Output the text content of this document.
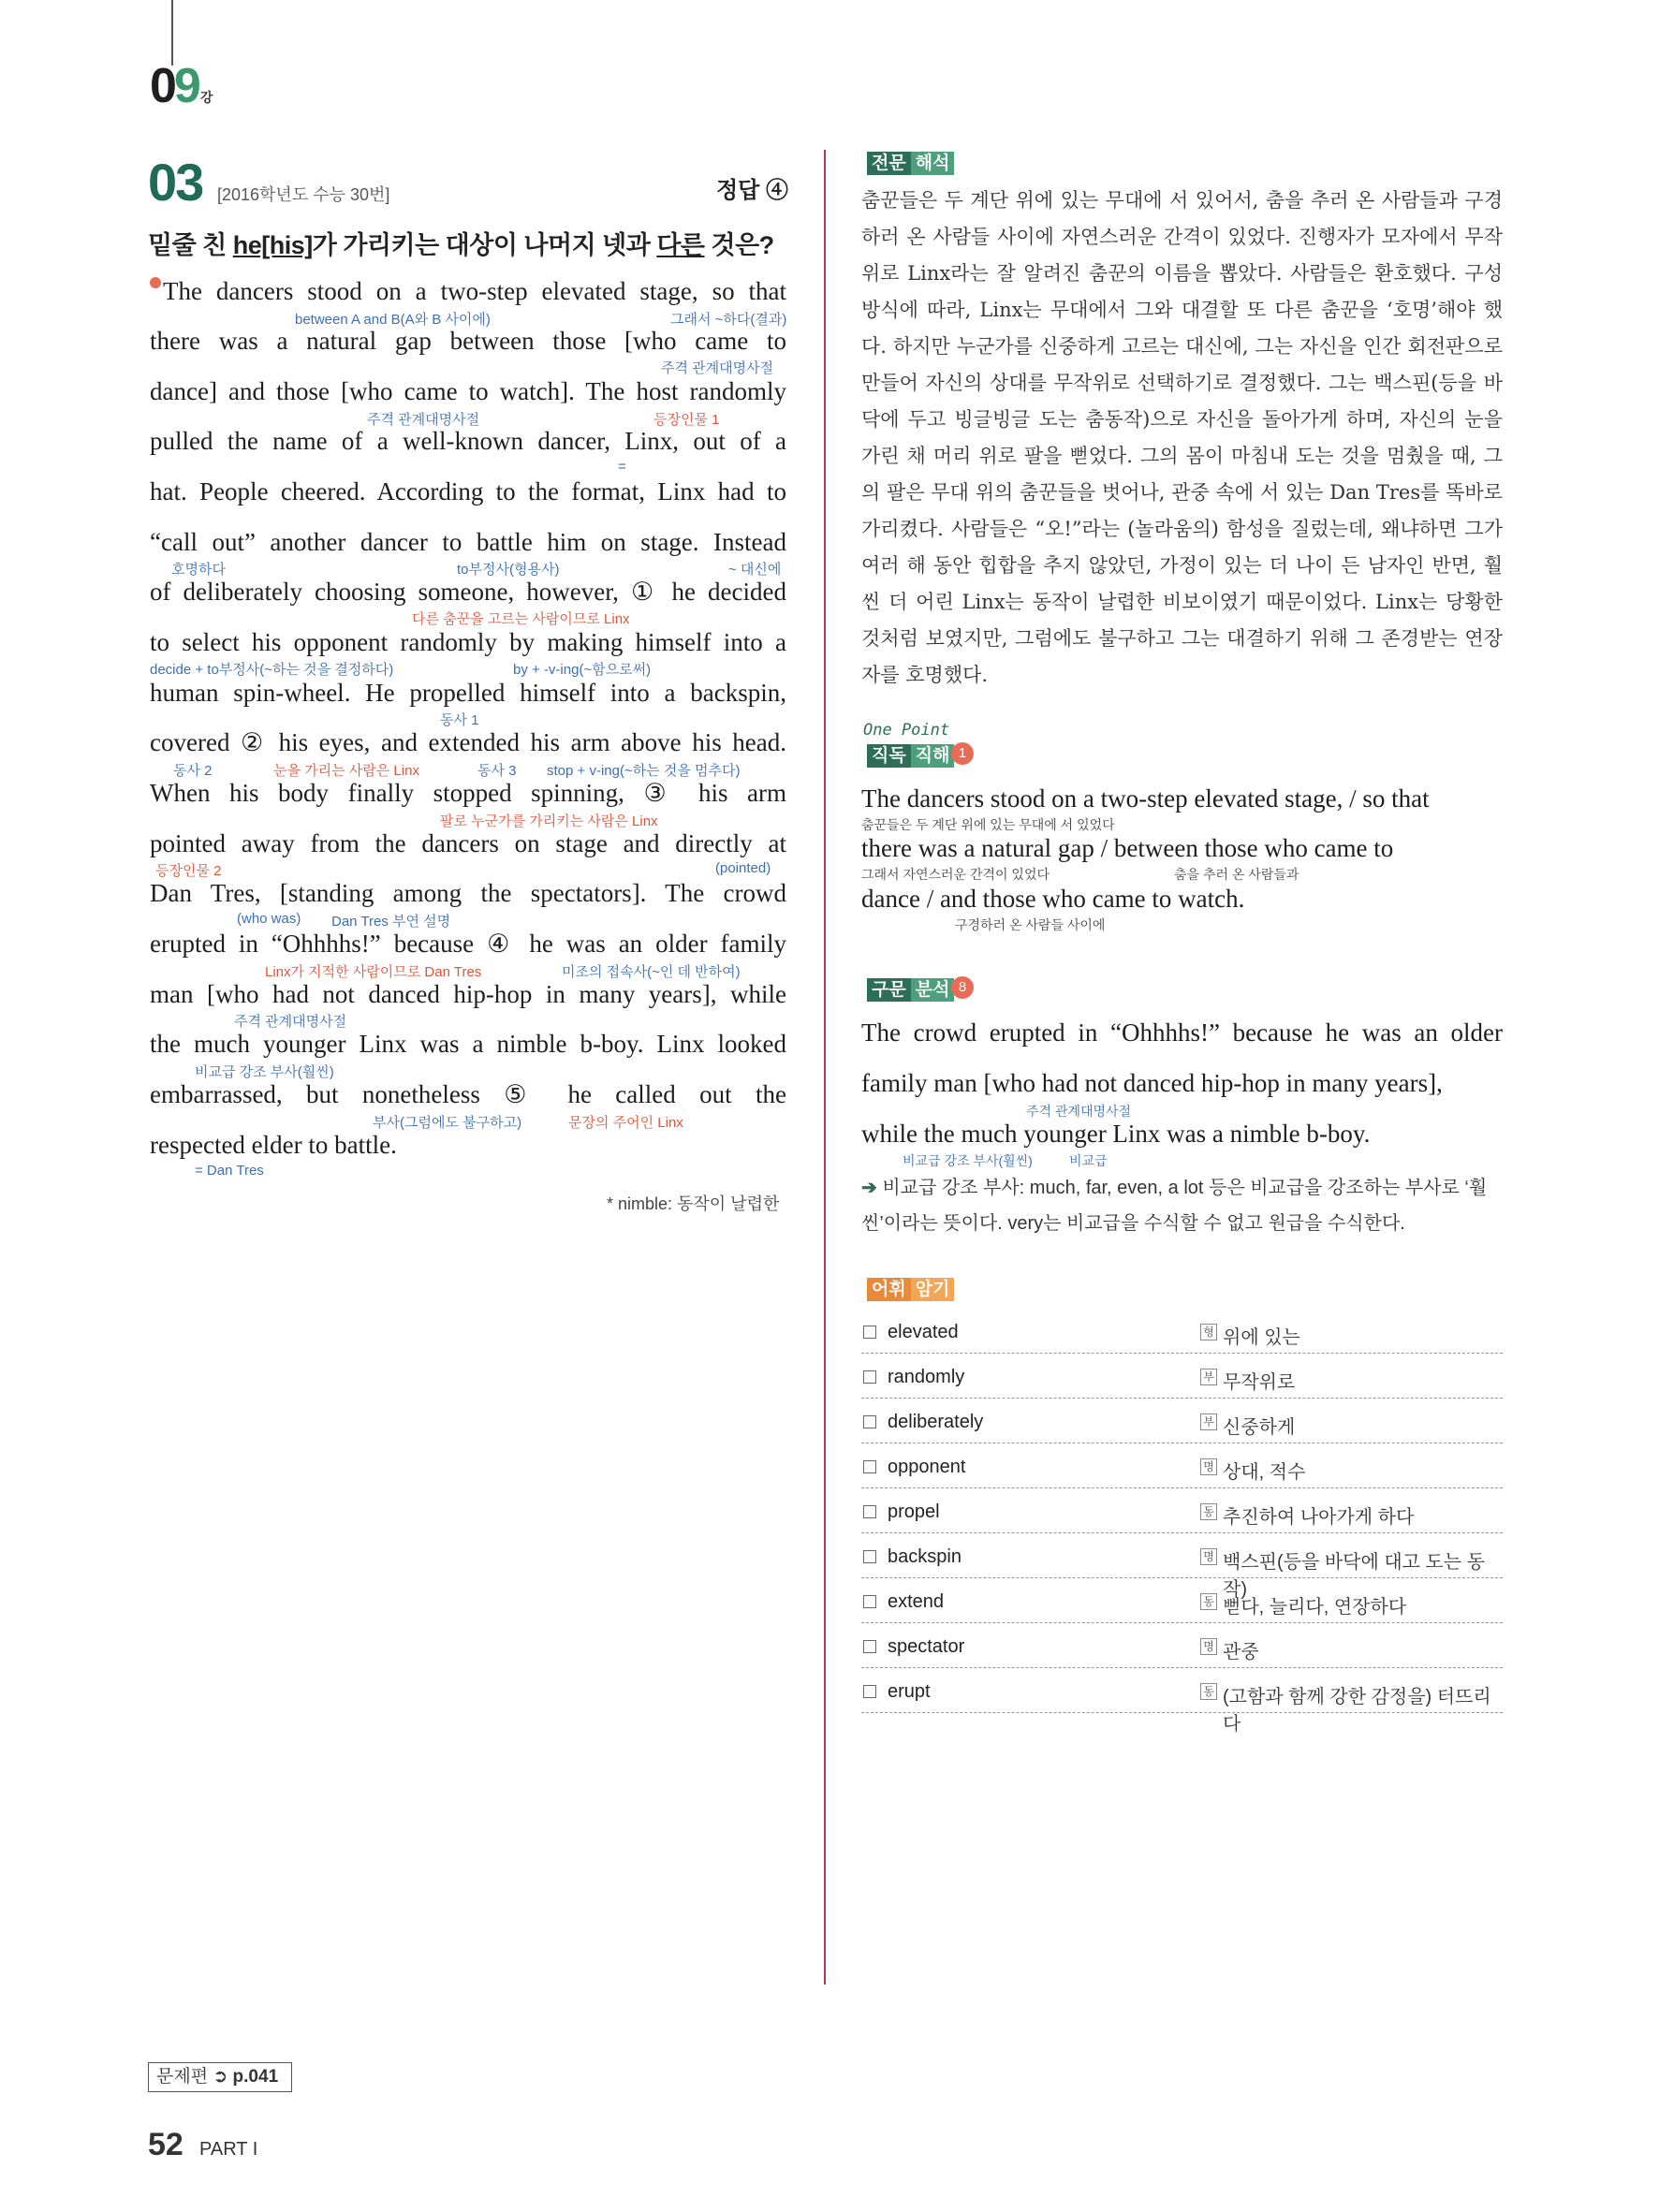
09 강
03 [2016학년도 수능 30번]	정답 ④
밑줄 친 he[his]가 가리키는 대상이 나머지 넷과 다른 것은?
The dancers stood on a two-step elevated stage, so that
there was a natural gap between those [who came to
dance] and those [who came to watch]. The host randomly
pulled the name of a well-known dancer, Linx, out of a
hat. People cheered. According to the format, Linx had to
“call out” another dancer to battle him on stage. Instead
of deliberately choosing someone, however, ① he decided
to select his opponent randomly by making himself into a
human spin-wheel. He propelled himself into a backspin,
covered ② his eyes, and extended his arm above his head.
When his body finally stopped spinning, ③ his arm
pointed away from the dancers on stage and directly at
Dan Tres, [standing among the spectators]. The crowd
erupted in “Ohhhhs!” because ④ he was an older family
man [who had not danced hip-hop in many years], while
the much younger Linx was a nimble b-boy. Linx looked
embarrassed, but nonetheless ⑤ he called out the
respected elder to battle.
between A and B(A와 B 사이에)	그래서 ~하다(결과)
주격 관계대명사절
주격 관계대명사절	등장인물 1
=
호명하다	to부정사(형용사)	~ 대신에
다른 춤꾼을 고르는 사람이므로 Linx
decide + to부정사(~하는 것을 결정하다)	by + -v-ing(~함으로써)
동사 1
동사 2	눈을 가리는 사람은 Linx	동사 3 stop + v-ing(~하는 것을 멈추다)
팔로 누군가를 가리키는 사람은 Linx
등장인물 2	(pointed)
(who was) Dan Tres 부연 설명
Linx가 지적한 사람이므로 Dan Tres	미조의 접속사(~인 데 반하여)
주격 관계대명사절
비교급 강조 부사(훨씬)
부사(그럼에도 불구하고)	문장의 주어인 Linx
= Dan Tres
* nimble: 동작이 날렵한
문제편 ➲ p.041
52 PART I
전문 해석
춤꾼들은 두 계단 위에 있는 무대에 서 있어서, 춤을 추러 온 사람들과 구경하러 온 사람들 사이에 자연스러운 간격이 있었다. 진행자가 모자에서 무작위로 Linx라는 잘 알려진 춤꾼의 이름을 뽑았다. 사람들은 환호했다. 구성 방식에 따라, Linx는 무대에서 그와 대결할 또 다른 춤꾼을 ‘호명’해야 했다. 하지만 누군가를 신중하게 고르는 대신에, 그는 자신을 인간 회전판으로 만들어 자신의 상대를 무작위로 선택하기로 결정했다. 그는 백스핀(등을 바닥에 두고 빙글빙글 도는 춤동작)으로 자신을 돌아가게 하며, 자신의 눈을 가린 채 머리 위로 팔을 뻗었다. 그의 몸이 마침내 도는 것을 멈췄을 때, 그의 팔은 무대 위의 춤꾼들을 벗어나, 관중 속에 서 있는 Dan Tres를 똑바로 가리켰다. 사람들은 “오!”라는 (놀라움의) 함성을 질렀는데, 왜냐하면 그가 여러 해 동안 힙합을 추지 않았던, 가정이 있는 더 나이 든 남자인 반면, 훨씬 더 어린 Linx는 동작이 날렵한 비보이였기 때문이었다. Linx는 당황한 것처럼 보였지만, 그럼에도 불구하고 그는 대결하기 위해 그 존경받는 연장자를 호명했다.
One Point
직독 직해 1
The dancers stood on a two-step elevated stage, / so that
춤꾼들은 두 계단 위에 있는 무대에 서 있었다
there was a natural gap / between those who came to
그래서 자연스러운 간격이 있었다	춤을 추러 온 사람들과
dance / and those who came to watch.
구경하러 온 사람들 사이에
구문 분석 8
The crowd erupted in “Ohhhhs!” because he was an older
family man [who had not danced hip-hop in many years],
주격 관계대명사절
while the much younger Linx was a nimble b-boy.
비교급 강조 부사(훨씬)	비교급
➔ 비교급 강조 부사: much, far, even, a lot 등은 비교급을 강조하는 부사로 ‘훨씬’이라는 뜻이다. very는 비교급을 수식할 수 없고 원급을 수식한다.
어휘 암기
elevated	형 위에 있는
randomly	부 무작위로
deliberately	부 신중하게
opponent	명 상대, 적수
propel	동 추진하여 나아가게 하다
backspin	명 백스핀(등을 바닥에 대고 도는 동작)
extend	동 뻗다, 늘리다, 연장하다
spectator	명 관중
erupt	동 (고함과 함께 강한 감정을) 터뜨리다
